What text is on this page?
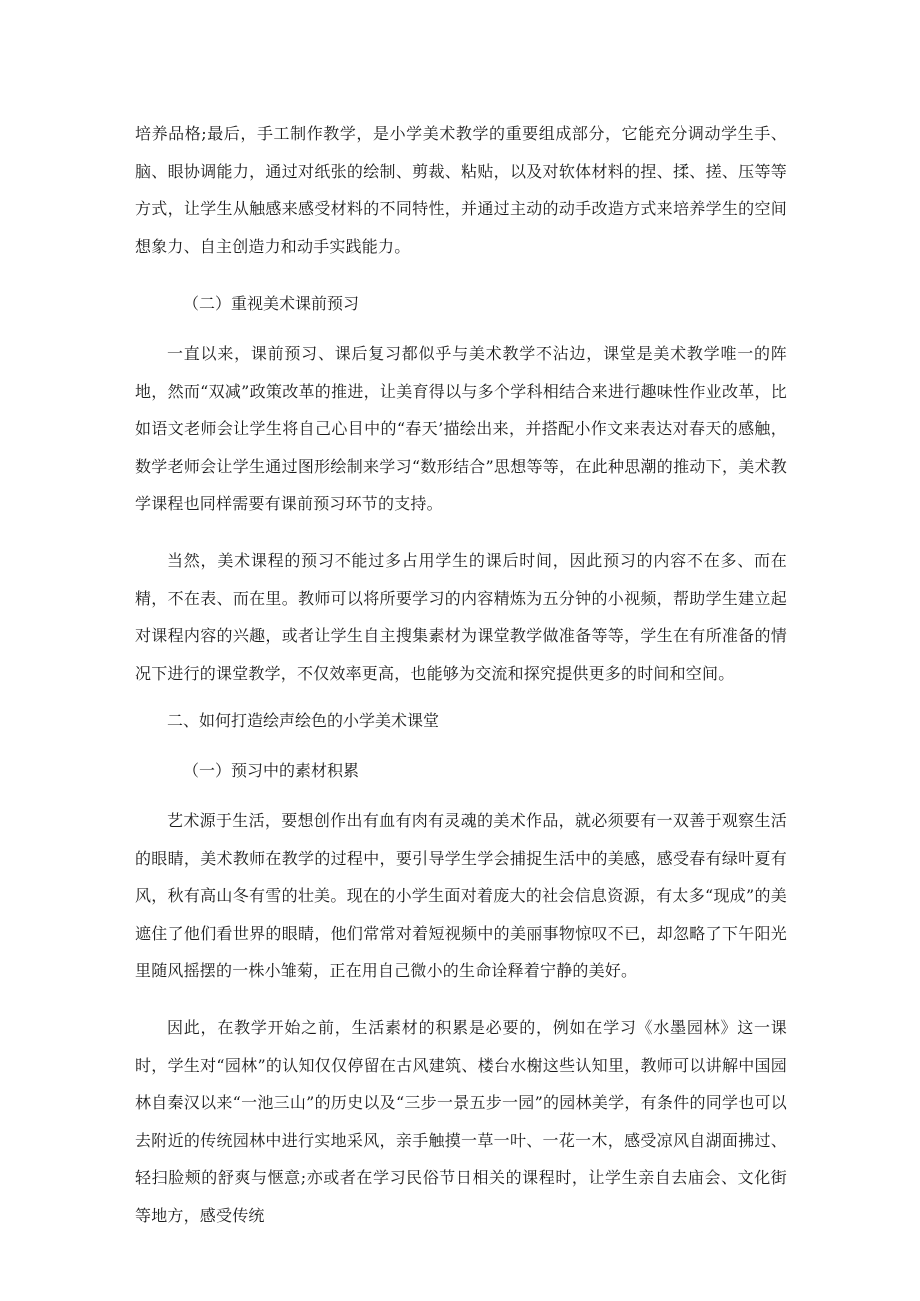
培养品格;最后，手工制作教学，是小学美术教学的重要组成部分，它能充分调动学生手、脑、眼协调能力，通过对纸张的绘制、剪裁、粘贴，以及对软体材料的捏、揉、搓、压等等方式，让学生从触感来感受材料的不同特性，并通过主动的动手改造方式来培养学生的空间想象力、自主创造力和动手实践能力。

（二）重视美术课前预习

一直以来，课前预习、课后复习都似乎与美术教学不沾边，课堂是美术教学唯一的阵地，然而“双减”政策改革的推进，让美育得以与多个学科相结合来进行趣味性作业改革，比如语文老师会让学生将自己心目中的“春天’描绘出来，并搭配小作文来表达对春天的感触，数学老师会让学生通过图形绘制来学习“数形结合”思想等等，在此种思潮的推动下，美术教学课程也同样需要有课前预习环节的支持。

当然，美术课程的预习不能过多占用学生的课后时间，因此预习的内容不在多、而在精，不在表、而在里。教师可以将所要学习的内容精炼为五分钟的小视频，帮助学生建立起对课程内容的兴趣，或者让学生自主搜集素材为课堂教学做准备等等，学生在有所准备的情况下进行的课堂教学，不仅效率更高，也能够为交流和探究提供更多的时间和空间。

二、如何打造绘声绘色的小学美术课堂
（一）预习中的素材积累

艺术源于生活，要想创作出有血有肉有灵魂的美术作品，就必须要有一双善于观察生活的眼睛，美术教师在教学的过程中，要引导学生学会捕捉生活中的美感，感受春有绿叶夏有风，秋有高山冬有雪的壮美。现在的小学生面对着庞大的社会信息资源，有太多“现成”的美遮住了他们看世界的眼睛，他们常常对着短视频中的美丽事物惊叹不已，却忽略了下午阳光里随风摇摆的一株小雏菊，正在用自己微小的生命诠释着宁静的美好。

因此，在教学开始之前，生活素材的积累是必要的，例如在学习《水墨园林》这一课时，学生对“园林”的认知仅仅停留在古风建筑、楼台水榭这些认知里，教师可以讲解中国园林自秦汉以来“一池三山”的历史以及“三步一景五步一园”的园林美学，有条件的同学也可以去附近的传统园林中进行实地采风，亲手触摸一草一叶、一花一木，感受凉风自湖面拂过、轻扫脸颊的舒爽与惬意;亦或者在学习民俗节日相关的课程时，让学生亲自去庙会、文化街等地方，感受传统
